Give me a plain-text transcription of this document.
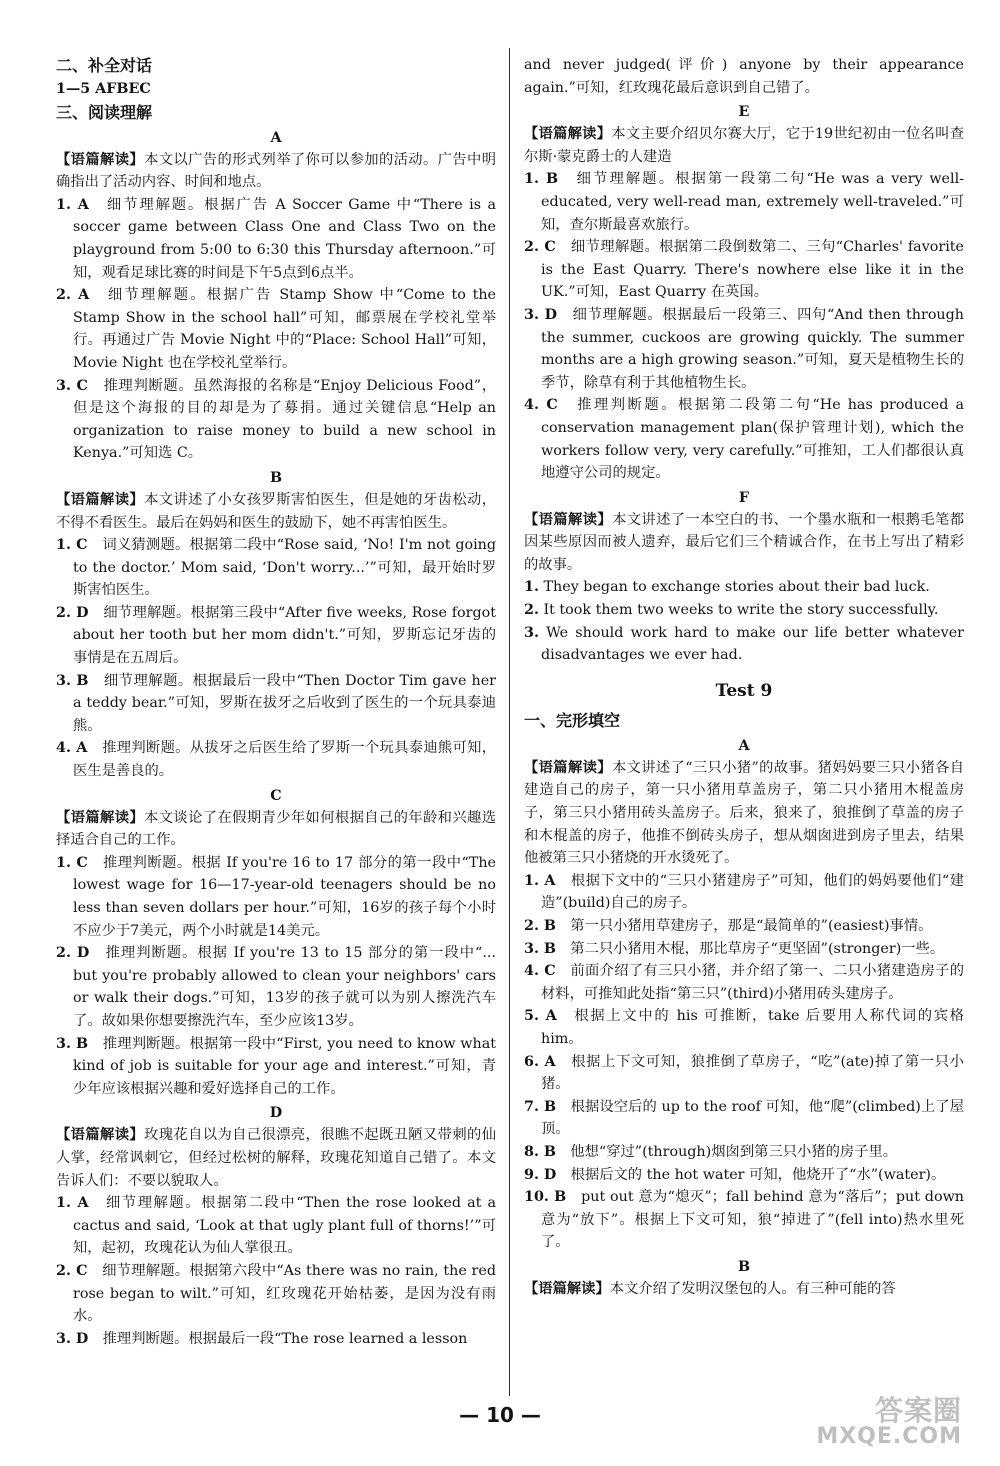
二、补全对话

1—5 AFBEC

三、阅读理解

A

【语篇解读】本文以广告的形式列举了你可以参加的活动。广告中明确指出了活动内容、时间和地点。

1. A　 细节理解题。根据广告 A Soccer Game 中“There is a soccer game between Class One and Class Two on the playground from 5:00 to 6:30 this Thursday afternoon.”可知，观看足球比赛的时间是下午5点到6点半。

2. A　 细节理解题。根据广告 Stamp Show 中“Come to the Stamp Show in the school hall”可知，邮票展在学校礼堂举行。再通过广告 Movie Night 中的“Place: School Hall”可知，Movie Night 也在学校礼堂举行。

3. C　 推理判断题。虽然海报的名称是“Enjoy Delicious Food”，但是这个海报的目的却是为了募捐。通过关键信息“Help an organization to raise money to build a new school in Kenya.”可知选 C。

B

【语篇解读】本文讲述了小女孩罗斯害怕医生，但是她的牙齿松动，不得不看医生。最后在妈妈和医生的鼓励下，她不再害怕医生。

1. C　 词义猜测题。根据第二段中“Rose said, ‘No! I'm not going to the doctor.’ Mom said, ‘Don't worry...’”可知，最开始时罗斯害怕医生。

2. D　 细节理解题。根据第三段中“After five weeks, Rose forgot about her tooth but her mom didn't.”可知，罗斯忘记牙齿的事情是在五周后。

3. B　 细节理解题。根据最后一段中“Then Doctor Tim gave her a teddy bear.”可知，罗斯在拔牙之后收到了医生的一个玩具泰迪熊。

4. A　 推理判断题。从拔牙之后医生给了罗斯一个玩具泰迪熊可知，医生是善良的。

C

【语篇解读】本文谈论了在假期青少年如何根据自己的年龄和兴趣选择适合自己的工作。

1. C　 推理判断题。根据 If you're 16 to 17 部分的第一段中“The lowest wage for 16—17-year-old teenagers should be no less than seven dollars per hour.”可知，16岁的孩子每个小时不应少于7美元，两个小时就是14美元。

2. D　 推理判断题。根据 If you're 13 to 15 部分的第一段中“... but you're probably allowed to clean your neighbors' cars or walk their dogs.”可知，13岁的孩子就可以为别人擦洗汽车了。故如果你想要擦洗汽车，至少应该13岁。

3. B　 推理判断题。根据第一段中“First, you need to know what kind of job is suitable for your age and interest.”可知，青少年应该根据兴趣和爱好选择自己的工作。

D

【语篇解读】玫瑰花自以为自己很漂亮，很瞧不起既丑陋又带刺的仙人掌，经常讽刺它，但经过松树的解释，玫瑰花知道自己错了。本文告诉人们：不要以貌取人。

1. A　 细节理解题。根据第二段中“Then the rose looked at a cactus and said, ‘Look at that ugly plant full of thorns!’”可知，起初，玫瑰花认为仙人掌很丑。

2. C　 细节理解题。根据第六段中“As there was no rain, the red rose began to wilt.”可知，红玫瑰花开始枯萎，是因为没有雨水。

3. D　 推理判断题。根据最后一段“The rose learned a lesson

and never judged(评价) anyone by their appearance again.”可知，红玫瑰花最后意识到自己错了。

E

【语篇解读】本文主要介绍贝尔赛大厅，它于19世纪初由一位名叫查尔斯·蒙克爵士的人建造

1. B　 细节理解题。根据第一段第二句“He was a very well-educated, very well-read man, extremely well-traveled.”可知，查尔斯最喜欢旅行。

2. C　 细节理解题。根据第二段倒数第二、三句“Charles' favorite is the East Quarry. There's nowhere else like it in the UK.”可知，East Quarry 在英国。

3. D　 细节理解题。根据最后一段第三、四句“And then through the summer, cuckoos are growing quickly. The summer months are a high growing season.”可知，夏天是植物生长的季节，除草有利于其他植物生长。

4. C　 推理判断题。根据第二段第二句“He has produced a conservation management plan(保护管理计划), which the workers follow very, very carefully.”可推知，工人们都很认真地遵守公司的规定。

F

【语篇解读】本文讲述了一本空白的书、一个墨水瓶和一根鹅毛笔都因某些原因而被人遗弃，最后它们三个精诚合作，在书上写出了精彩的故事。

1. They began to exchange stories about their bad luck.

2. It took them two weeks to write the story successfully.

3. We should work hard to make our life better whatever disadvantages we ever had.

Test 9

一、完形填空

A

【语篇解读】本文讲述了“三只小猪”的故事。猪妈妈要三只小猪各自建造自己的房子，第一只小猪用草盖房子，第二只小猪用木棍盖房子，第三只小猪用砖头盖房子。后来，狼来了，狼推倒了草盖的房子和木棍盖的房子，他推不倒砖头房子，想从烟囱进到房子里去，结果他被第三只小猪烧的开水烫死了。

1. A　 根据下文中的“三只小猪建房子”可知，他们的妈妈要他们“建造”(build)自己的房子。

2. B　 第一只小猪用草建房子，那是“最简单的”(easiest)事情。

3. B　 第二只小猪用木棍，那比草房子“更坚固”(stronger)一些。

4. C　 前面介绍了有三只小猪，并介绍了第一、二只小猪建造房子的材料，可推知此处指“第三只”(third)小猪用砖头建房子。

5. A　 根据上文中的 his 可推断，take 后要用人称代词的宾格 him。

6. A　 根据上下文可知，狼推倒了草房子，“吃”(ate)掉了第一只小猪。

7. B　 根据设空后的 up to the roof 可知，他“爬”(climbed)上了屋顶。

8. B　 他想“穿过”(through)烟囱到第三只小猪的房子里。

9. D　 根据后文的 the hot water 可知，他烧开了“水”(water)。

10. B　 put out 意为“熄灭”；fall behind 意为“落后”；put down 意为“放下”。根据上下文可知，狼“掉进了”(fell into)热水里死了。

B

【语篇解读】本文介绍了发明汉堡包的人。有三种可能的答

— 10 —	答案圈
MXQE.COM
